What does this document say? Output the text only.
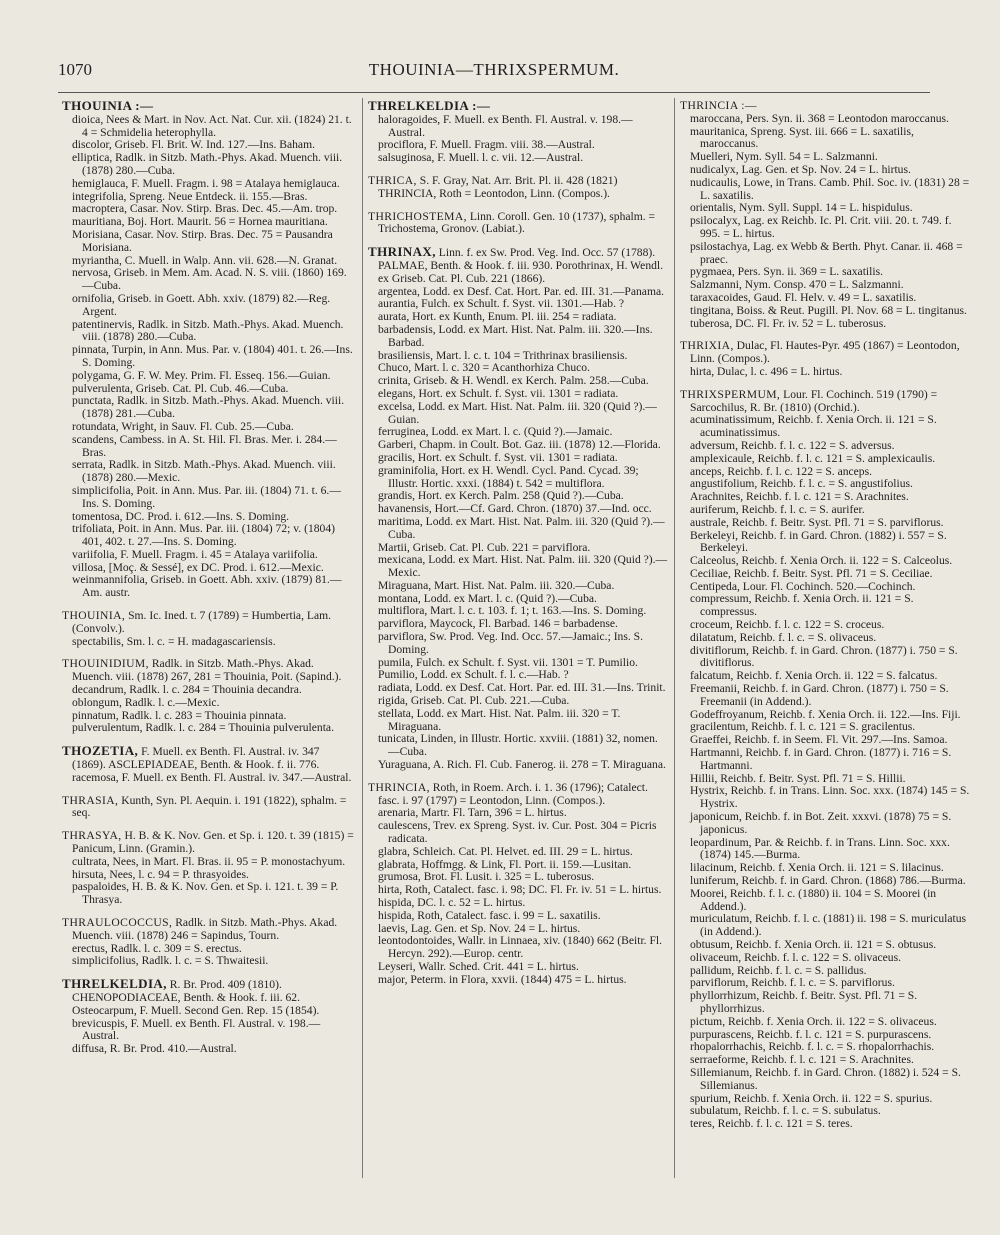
1070	THOUINIA—THRIXSPERMUM.
THOUINIA :—
dioica, Nees & Mart. in Nov. Act. Nat. Cur. xii. (1824) 21. t. 4 = Schmidelia heterophylla.
discolor, Griseb. Fl. Brit. W. Ind. 127.—Ins. Baham.
elliptica, Radlk. in Sitzb. Math.-Phys. Akad. Muench. viii. (1878) 280.—Cuba.
hemiglauca, F. Muell. Fragm. i. 98 = Atalaya hemiglauca.
integrifolia, Spreng. Neue Entdeck. ii. 155.—Bras.
macroptera, Casar. Nov. Stirp. Bras. Dec. 45.—Am. trop.
mauritiana, Boj. Hort. Maurit. 56 = Hornea mauritiana.
Morisiana, Casar. Nov. Stirp. Bras. Dec. 75 = Pausandra Morisiana.
myriantha, C. Muell. in Walp. Ann. vii. 628.—N. Granat.
nervosa, Griseb. in Mem. Am. Acad. N. S. viii. (1860) 169.—Cuba.
ornifolia, Griseb. in Goett. Abh. xxiv. (1879) 82.—Reg. Argent.
patentinervis, Radlk. in Sitzb. Math.-Phys. Akad. Muench. viii. (1878) 280.—Cuba.
pinnata, Turpin, in Ann. Mus. Par. v. (1804) 401. t. 26.—Ins. S. Doming.
polygama, G. F. W. Mey. Prim. Fl. Esseq. 156.—Guian.
pulverulenta, Griseb. Cat. Pl. Cub. 46.—Cuba.
punctata, Radlk. in Sitzb. Math.-Phys. Akad. Muench. viii. (1878) 281.—Cuba.
rotundata, Wright, in Sauv. Fl. Cub. 25.—Cuba.
scandens, Cambess. in A. St. Hil. Fl. Bras. Mer. i. 284.—Bras.
serrata, Radlk. in Sitzb. Math.-Phys. Akad. Muench. viii. (1878) 280.—Mexic.
simplicifolia, Poit. in Ann. Mus. Par. iii. (1804) 71. t. 6.—Ins. S. Doming.
tomentosa, DC. Prod. i. 612.—Ins. S. Doming.
trifoliata, Poit. in Ann. Mus. Par. iii. (1804) 72; v. (1804) 401, 402. t. 27.—Ins. S. Doming.
variifolia, F. Muell. Fragm. i. 45 = Atalaya variifolia.
villosa, [Moç. & Sessé], ex DC. Prod. i. 612.—Mexic.
weinmannifolia, Griseb. in Goett. Abh. xxiv. (1879) 81.—Am. austr.
THOUINIA, Sm. Ic. Ined. t. 7 (1789) = Humbertia, Lam. (Convolv.).
spectabilis, Sm. l. c. = H. madagascariensis.
THOUINIDIUM, Radlk. in Sitzb. Math.-Phys. Akad. Muench. viii. (1878) 267, 281 = Thouinia, Poit. (Sapind.).
decandrum, Radlk. l. c. 284 = Thouinia decandra.
oblongum, Radlk. l. c.—Mexic.
pinnatum, Radlk. l. c. 283 = Thouinia pinnata.
pulverulentum, Radlk. l. c. 284 = Thouinia pulverulenta.
THOZETIA, F. Muell. ex Benth. Fl. Austral. iv. 347 (1869). ASCLEPIADEAE, Benth. & Hook. f. ii. 776.
racemosa, F. Muell. ex Benth. Fl. Austral. iv. 347.—Austral.
THRASIA, Kunth, Syn. Pl. Aequin. i. 191 (1822), sphalm. = seq.
THRASYA, H. B. & K. Nov. Gen. et Sp. i. 120. t. 39 (1815) = Panicum, Linn. (Gramin.).
cultrata, Nees, in Mart. Fl. Bras. ii. 95 = P. monostachyum.
hirsuta, Nees, l. c. 94 = P. thrasyoides.
paspaloides, H. B. & K. Nov. Gen. et Sp. i. 121. t. 39 = P. Thrasya.
THRAULOCOCCUS, Radlk. in Sitzb. Math.-Phys. Akad. Muench. viii. (1878) 246 = Sapindus, Tourn.
erectus, Radlk. l. c. 309 = S. erectus.
simplicifolius, Radlk. l. c. = S. Thwaitesii.
THRELKELDIA, R. Br. Prod. 409 (1810). CHENOPODIACEAE, Benth. & Hook. f. iii. 62. Osteocarpum, F. Muell. Second Gen. Rep. 15 (1854).
brevicuspis, F. Muell. ex Benth. Fl. Austral. v. 198.—Austral.
diffusa, R. Br. Prod. 410.—Austral.
THRELKELDIA :—
haloragoides, F. Muell. ex Benth. Fl. Austral. v. 198.—Austral.
prociflora, F. Muell. Fragm. viii. 38.—Austral.
salsuginosa, F. Muell. l. c. vii. 12.—Austral.
THRICA, S. F. Gray, Nat. Arr. Brit. Pl. ii. 428 (1821) THRINCIA, Roth = Leontodon, Linn. (Compos.).
THRICHOSTEMA, Linn. Coroll. Gen. 10 (1737), sphalm. = Trichostema, Gronov. (Labiat.).
THRINAX, Linn. f. ex Sw. Prod. Veg. Ind. Occ. 57 (1788). PALMAE, Benth. & Hook. f. iii. 930. Porothrinax, H. Wendl. ex Griseb. Cat. Pl. Cub. 221 (1866).
argentea, Lodd. ex Desf. Cat. Hort. Par. ed. III. 31.—Panama.
aurantia, Fulch. ex Schult. f. Syst. vii. 1301.—Hab. ?
aurata, Hort. ex Kunth, Enum. Pl. iii. 254 = radiata.
barbadensis, Lodd. ex Mart. Hist. Nat. Palm. iii. 320.—Ins. Barbad.
brasiliensis, Mart. l. c. t. 104 = Trithrinax brasiliensis.
Chuco, Mart. l. c. 320 = Acanthorhiza Chuco.
crinita, Griseb. & H. Wendl. ex Kerch. Palm. 258.—Cuba.
elegans, Hort. ex Schult. f. Syst. vii. 1301 = radiata.
excelsa, Lodd. ex Mart. Hist. Nat. Palm. iii. 320 (Quid ?).—Guian.
ferruginea, Lodd. ex Mart. l. c. (Quid ?).—Jamaic.
Garberi, Chapm. in Coult. Bot. Gaz. iii. (1878) 12.—Florida.
gracilis, Hort. ex Schult. f. Syst. vii. 1301 = radiata.
graminifolia, Hort. ex H. Wendl. Cycl. Pand. Cycad. 39; Illustr. Hortic. xxxi. (1884) t. 542 = multiflora.
grandis, Hort. ex Kerch. Palm. 258 (Quid ?).—Cuba.
havanensis, Hort.—Cf. Gard. Chron. (1870) 37.—Ind. occ.
maritima, Lodd. ex Mart. Hist. Nat. Palm. iii. 320 (Quid ?).—Cuba.
Martii, Griseb. Cat. Pl. Cub. 221 = parviflora.
mexicana, Lodd. ex Mart. Hist. Nat. Palm. iii. 320 (Quid ?).—Mexic.
Miraguana, Mart. Hist. Nat. Palm. iii. 320.—Cuba.
montana, Lodd. ex Mart. l. c. (Quid ?).—Cuba.
multiflora, Mart. l. c. t. 103. f. 1; t. 163.—Ins. S. Doming.
parviflora, Maycock, Fl. Barbad. 146 = barbadense.
parviflora, Sw. Prod. Veg. Ind. Occ. 57.—Jamaic.; Ins. S. Doming.
pumila, Fulch. ex Schult. f. Syst. vii. 1301 = T. Pumilio.
Pumilio, Lodd. ex Schult. f. l. c.—Hab. ?
radiata, Lodd. ex Desf. Cat. Hort. Par. ed. III. 31.—Ins. Trinit.
rigida, Griseb. Cat. Pl. Cub. 221.—Cuba.
stellata, Lodd. ex Mart. Hist. Nat. Palm. iii. 320 = T. Miraguana.
tunicata, Linden, in Illustr. Hortic. xxviii. (1881) 32, nomen.—Cuba.
Yuraguana, A. Rich. Fl. Cub. Fanerog. ii. 278 = T. Miraguana.
THRINCIA, Roth, in Roem. Arch. i. 1. 36 (1796); Catalect. fasc. i. 97 (1797) = Leontodon, Linn. (Compos.).
arenaria, Martr. Fl. Tarn, 396 = L. hirtus.
caulescens, Trev. ex Spreng. Syst. iv. Cur. Post. 304 = Picris radicata.
glabra, Schleich. Cat. Pl. Helvet. ed. III. 29 = L. hirtus.
glabrata, Hoffmgg. & Link, Fl. Port. ii. 159.—Lusitan.
grumosa, Brot. Fl. Lusit. i. 325 = L. tuberosus.
hirta, Roth, Catalect. fasc. i. 98; DC. Fl. Fr. iv. 51 = L. hirtus.
hispida, DC. l. c. 52 = L. hirtus.
hispida, Roth, Catalect. fasc. i. 99 = L. saxatilis.
laevis, Lag. Gen. et Sp. Nov. 24 = L. hirtus.
leontodontoides, Wallr. in Linnaea, xiv. (1840) 662 (Beitr. Fl. Hercyn. 292).—Europ. centr.
Leyseri, Wallr. Sched. Crit. 441 = L. hirtus.
major, Peterm. in Flora, xxvii. (1844) 475 = L. hirtus.
THRINCIA :—
maroccana, Pers. Syn. ii. 368 = Leontodon maroccanus.
mauritanica, Spreng. Syst. iii. 666 = L. saxatilis, maroccanus.
Muelleri, Nym. Syll. 54 = L. Salzmanni.
nudicalyx, Lag. Gen. et Sp. Nov. 24 = L. hirtus.
nudicaulis, Lowe, in Trans. Camb. Phil. Soc. iv. (1831) 28 = L. saxatilis.
orientalis, Nym. Syll. Suppl. 14 = L. hispidulus.
psilocalyx, Lag. ex Reichb. Ic. Pl. Crit. viii. 20. t. 749. f. 995. = L. hirtus.
psilostachya, Lag. ex Webb & Berth. Phyt. Canar. ii. 468 = praec.
pygmaea, Pers. Syn. ii. 369 = L. saxatilis.
Salzmanni, Nym. Consp. 470 = L. Salzmanni.
taraxacoides, Gaud. Fl. Helv. v. 49 = L. saxatilis.
tingitana, Boiss. & Reut. Pugill. Pl. Nov. 68 = L. tingitanus.
tuberosa, DC. Fl. Fr. iv. 52 = L. tuberosus.
THRIXIA, Dulac, Fl. Hautes-Pyr. 495 (1867) = Leontodon, Linn. (Compos.).
hirta, Dulac, l. c. 496 = L. hirtus.
THRIXSPERMUM, Lour. Fl. Cochinch. 519 (1790) = Sarcochilus, R. Br. (1810) (Orchid.).
acuminatissimum, Reichb. f. Xenia Orch. ii. 121 = S. acuminatissimus.
adversum, Reichb. f. l. c. 122 = S. adversus.
amplexicaule, Reichb. f. l. c. 121 = S. amplexicaulis.
anceps, Reichb. f. l. c. 122 = S. anceps.
angustifolium, Reichb. f. l. c. = S. angustifolius.
Arachnites, Reichb. f. l. c. 121 = S. Arachnites.
auriferum, Reichb. f. l. c. = S. aurifer.
australe, Reichb. f. Beitr. Syst. Pfl. 71 = S. parviflorus.
Berkeleyi, Reichb. f. in Gard. Chron. (1882) i. 557 = S. Berkeleyi.
Calceolus, Reichb. f. Xenia Orch. ii. 122 = S. Calceolus.
Ceciliae, Reichb. f. Beitr. Syst. Pfl. 71 = S. Ceciliae.
Centipeda, Lour. Fl. Cochinch. 520.—Cochinch.
compressum, Reichb. f. Xenia Orch. ii. 121 = S. compressus.
croceum, Reichb. f. l. c. 122 = S. croceus.
dilatatum, Reichb. f. l. c. = S. olivaceus.
divitiflorum, Reichb. f. in Gard. Chron. (1877) i. 750 = S. divitiflorus.
falcatum, Reichb. f. Xenia Orch. ii. 122 = S. falcatus.
Freemanii, Reichb. f. in Gard. Chron. (1877) i. 750 = S. Freemanii (in Addend.).
Godeffroyanum, Reichb. f. Xenia Orch. ii. 122.—Ins. Fiji.
gracilentum, Reichb. f. l. c. 121 = S. gracilentus.
Graeffei, Reichb. f. in Seem. Fl. Vit. 297.—Ins. Samoa.
Hartmanni, Reichb. f. in Gard. Chron. (1877) i. 716 = S. Hartmanni.
Hillii, Reichb. f. Beitr. Syst. Pfl. 71 = S. Hillii.
Hystrix, Reichb. f. in Trans. Linn. Soc. xxx. (1874) 145 = S. Hystrix.
japonicum, Reichb. f. in Bot. Zeit. xxxvi. (1878) 75 = S. japonicus.
leopardinum, Par. & Reichb. f. in Trans. Linn. Soc. xxx. (1874) 145.—Burma.
lilacinum, Reichb. f. Xenia Orch. ii. 121 = S. lilacinus.
luniferum, Reichb. f. in Gard. Chron. (1868) 786.—Burma.
Moorei, Reichb. f. l. c. (1880) ii. 104 = S. Moorei (in Addend.).
muriculatum, Reichb. f. l. c. (1881) ii. 198 = S. muriculatus (in Addend.).
obtusum, Reichb. f. Xenia Orch. ii. 121 = S. obtusus.
olivaceum, Reichb. f. l. c. 122 = S. olivaceus.
pallidum, Reichb. f. l. c. = S. pallidus.
parviflorum, Reichb. f. l. c. = S. parviflorus.
phyllorrhizum, Reichb. f. Beitr. Syst. Pfl. 71 = S. phyllorrhizus.
pictum, Reichb. f. Xenia Orch. ii. 122 = S. olivaceus.
purpurascens, Reichb. f. l. c. 121 = S. purpurascens.
rhopalorrhachis, Reichb. f. l. c. = S. rhopalorrhachis.
serraeforme, Reichb. f. l. c. 121 = S. Arachnites.
Sillemianum, Reichb. f. in Gard. Chron. (1882) i. 524 = S. Sillemianus.
spurium, Reichb. f. Xenia Orch. ii. 122 = S. spurius.
subulatum, Reichb. f. l. c. = S. subulatus.
teres, Reichb. f. l. c. 121 = S. teres.
